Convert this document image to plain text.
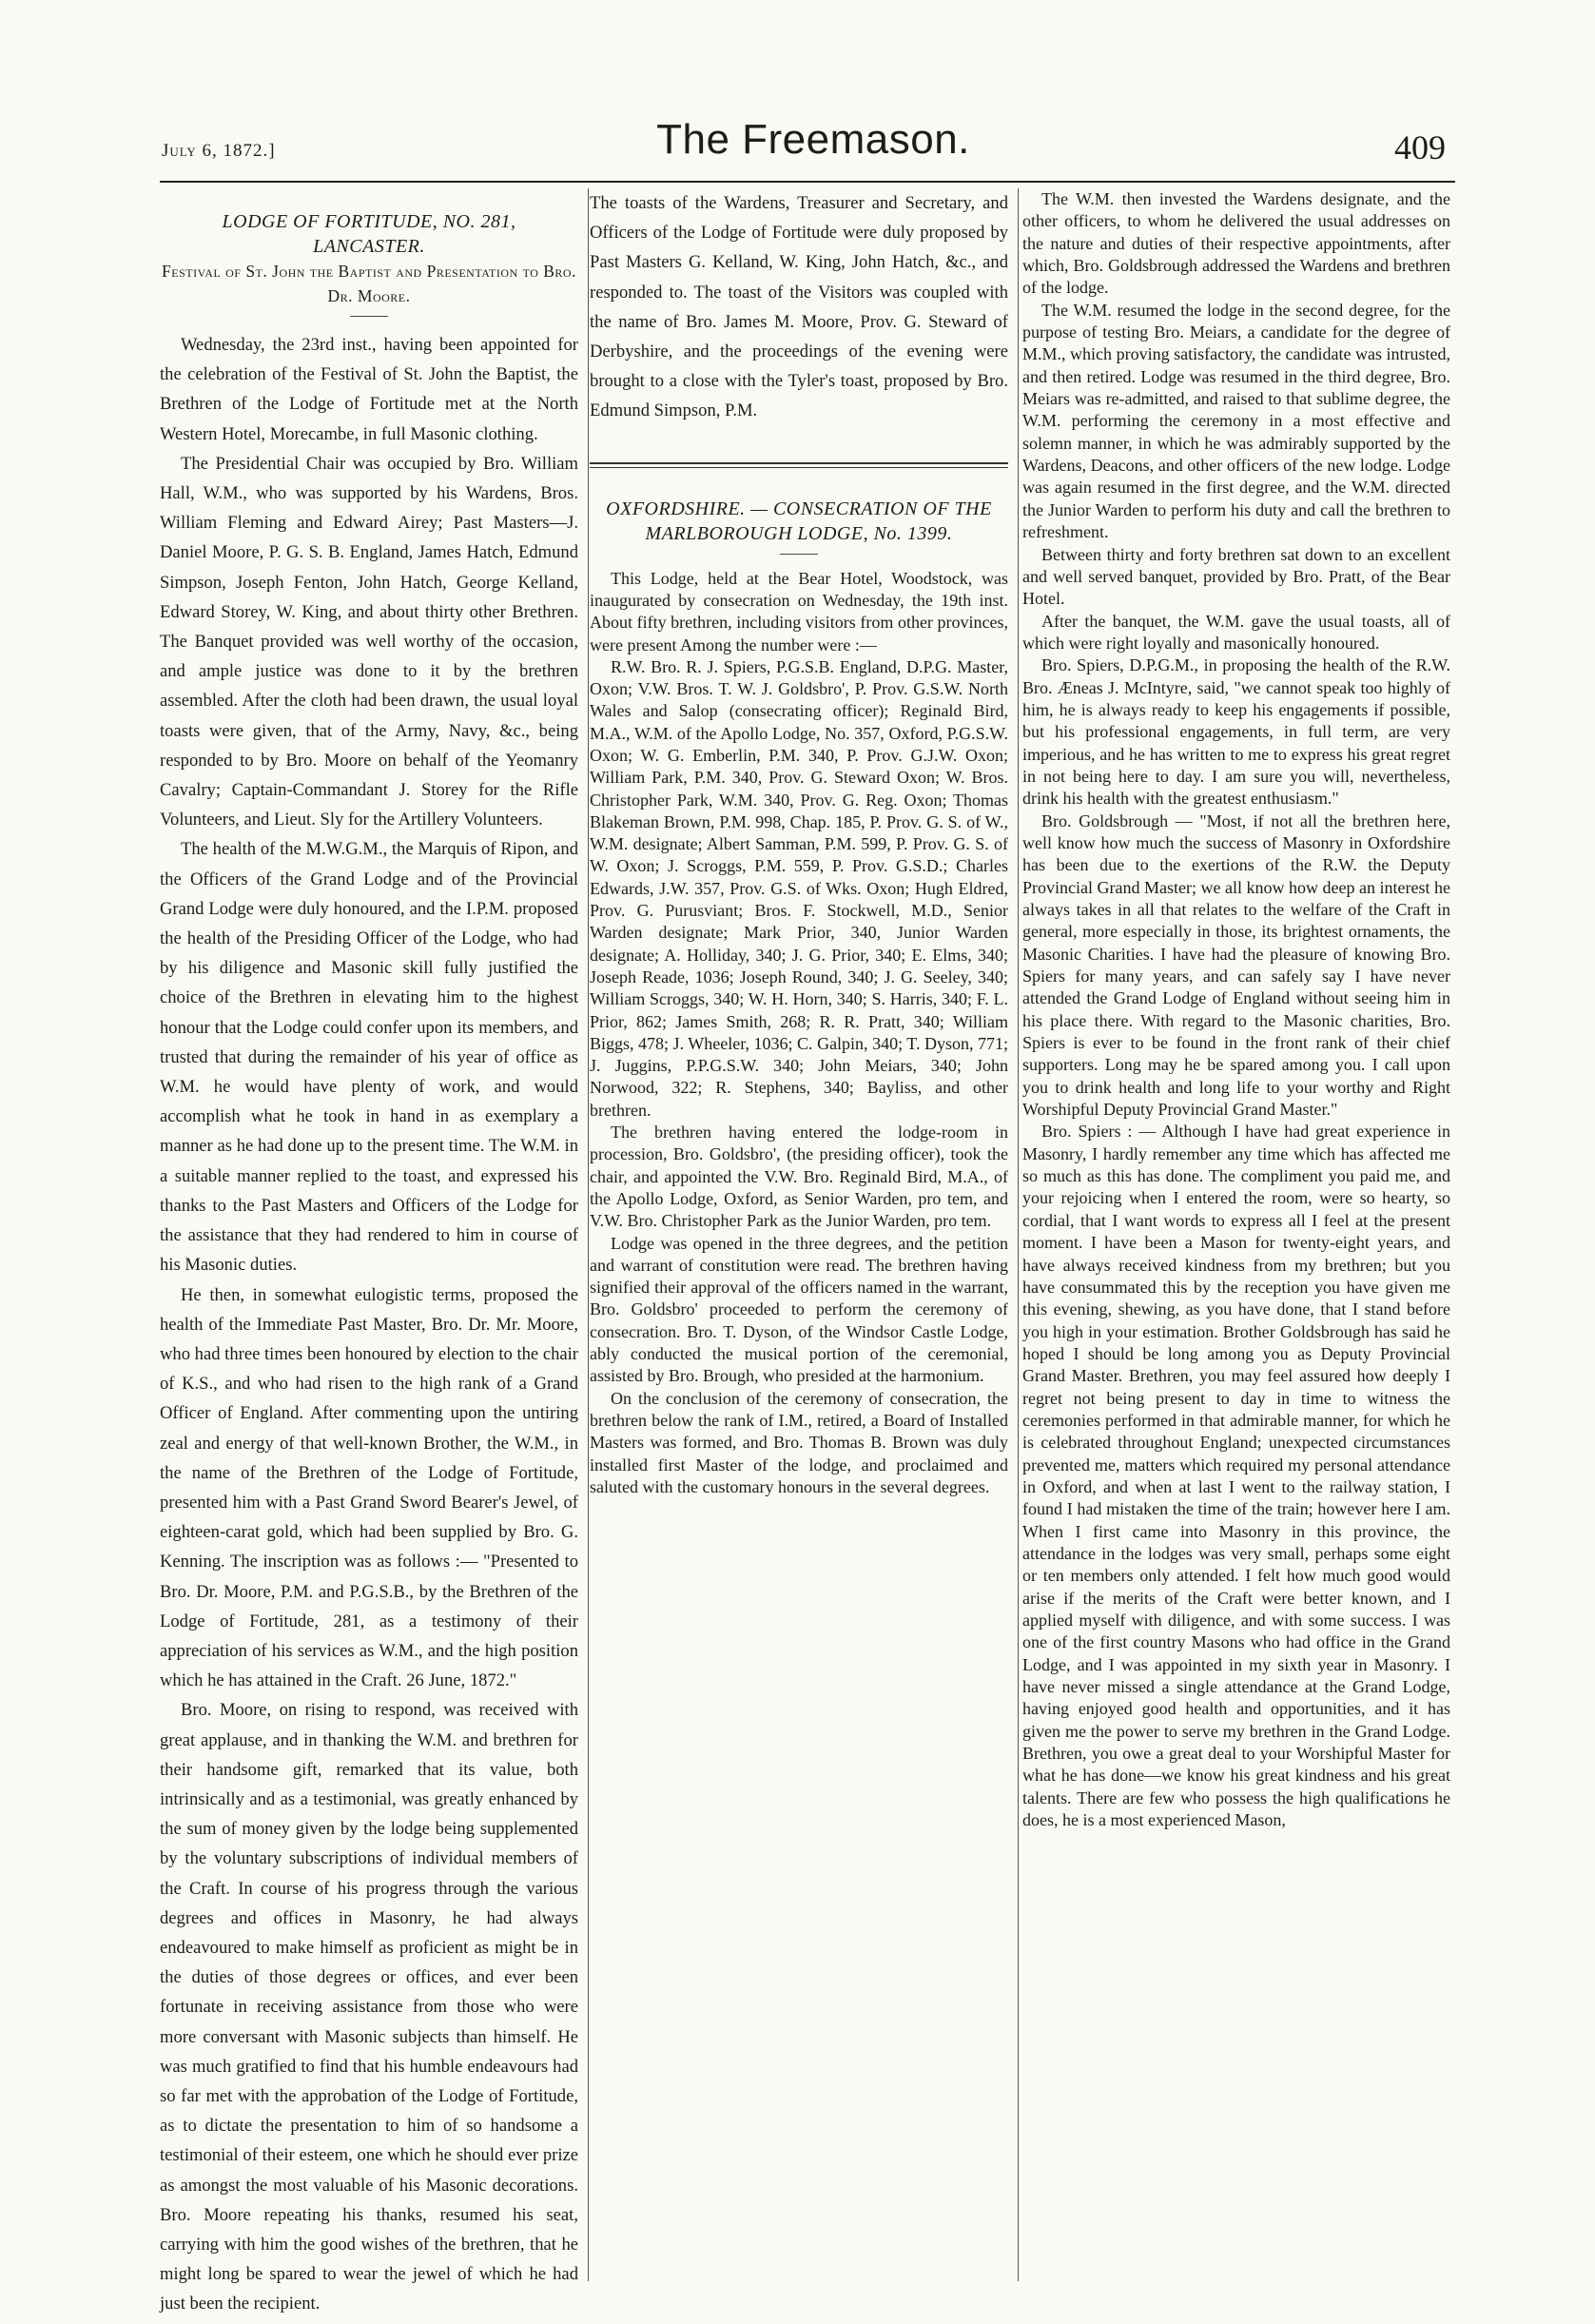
July 6, 1872.]	The Freemason.	409
LODGE OF FORTITUDE, NO. 281, LANCASTER.
Festival of St. John the Baptist and Presentation to Bro. Dr. Moore.

Wednesday, the 23rd inst., having been appointed for the celebration of the Festival of St. John the Baptist, the Brethren of the Lodge of Fortitude met at the North Western Hotel, Morecambe, in full Masonic clothing.

The Presidential Chair was occupied by Bro. William Hall, W.M., who was supported by his Wardens, Bros. William Fleming and Edward Airey; Past Masters—J. Daniel Moore, P. G. S. B. England, James Hatch, Edmund Simpson, Joseph Fenton, John Hatch, George Kelland, Edward Storey, W. King, and about thirty other Brethren. The Banquet provided was well worthy of the occasion, and ample justice was done to it by the brethren assembled. After the cloth had been drawn, the usual loyal toasts were given, that of the Army, Navy, &c., being responded to by Bro. Moore on behalf of the Yeomanry Cavalry; Captain-Commandant J. Storey for the Rifle Volunteers, and Lieut. Sly for the Artillery Volunteers.

The health of the M.W.G.M., the Marquis of Ripon, and the Officers of the Grand Lodge and of the Provincial Grand Lodge were duly honoured, and the I.P.M. proposed the health of the Presiding Officer of the Lodge, who had by his diligence and Masonic skill fully justified the choice of the Brethren in elevating him to the highest honour that the Lodge could confer upon its members, and trusted that during the remainder of his year of office as W.M. he would have plenty of work, and would accomplish what he took in hand in as exemplary a manner as he had done up to the present time. The W.M. in a suitable manner replied to the toast, and expressed his thanks to the Past Masters and Officers of the Lodge for the assistance that they had rendered to him in course of his Masonic duties.

He then, in somewhat eulogistic terms, proposed the health of the Immediate Past Master, Bro. Dr. Mr. Moore, who had three times been honoured by election to the chair of K.S., and who had risen to the high rank of a Grand Officer of England. After commenting upon the untiring zeal and energy of that well-known Brother, the W.M., in the name of the Brethren of the Lodge of Fortitude, presented him with a Past Grand Sword Bearer's Jewel, of eighteen-carat gold, which had been supplied by Bro. G. Kenning. The inscription was as follows :— "Presented to Bro. Dr. Moore, P.M. and P.G.S.B., by the Brethren of the Lodge of Fortitude, 281, as a testimony of their appreciation of his services as W.M., and the high position which he has attained in the Craft. 26 June, 1872."

Bro. Moore, on rising to respond, was received with great applause, and in thanking the W.M. and brethren for their handsome gift, remarked that its value, both intrinsically and as a testimonial, was greatly enhanced by the sum of money given by the lodge being supplemented by the voluntary subscriptions of individual members of the Craft. In course of his progress through the various degrees and offices in Masonry, he had always endeavoured to make himself as proficient as might be in the duties of those degrees or offices, and ever been fortunate in receiving assistance from those who were more conversant with Masonic subjects than himself. He was much gratified to find that his humble endeavours had so far met with the approbation of the Lodge of Fortitude, as to dictate the presentation to him of so handsome a testimonial of their esteem, one which he should ever prize as amongst the most valuable of his Masonic decorations. Bro. Moore repeating his thanks, resumed his seat, carrying with him the good wishes of the brethren, that he might long be spared to wear the jewel of which he had just been the recipient.

The toasts of the Wardens, Treasurer and Secretary, and Officers of the Lodge of Fortitude were duly proposed by Past Masters G. Kelland, W. King, John Hatch, &c., and responded to. The toast of the Visitors was coupled with the name of Bro. James M. Moore, Prov. G. Steward of Derbyshire, and the proceedings of the evening were brought to a close with the Tyler's toast, proposed by Bro. Edmund Simpson, P.M.

OXFORDSHIRE. — CONSECRATION OF THE MARLBOROUGH LODGE, No. 1399.

This Lodge, held at the Bear Hotel, Woodstock, was inaugurated by consecration on Wednesday, the 19th inst. About fifty brethren, including visitors from other provinces, were present Among the number were :—

R.W. Bro. R. J. Spiers, P.G.S.B. England, D.P.G. Master, Oxon; V.W. Bros. T. W. J. Goldsbro', P. Prov. G.S.W. North Wales and Salop (consecrating officer); Reginald Bird, M.A., W.M. of the Apollo Lodge, No. 357, Oxford, P.G.S.W. Oxon; W. G. Emberlin, P.M. 340, P. Prov. G.J.W. Oxon; William Park, P.M. 340, Prov. G. Steward Oxon; W. Bros. Christopher Park, W.M. 340, Prov. G. Reg. Oxon; Thomas Blakeman Brown, P.M. 998, Chap. 185, P. Prov. G. S. of W., W.M. designate; Albert Samman, P.M. 599, P. Prov. G. S. of W. Oxon; J. Scroggs, P.M. 559, P. Prov. G.S.D.; Charles Edwards, J.W. 357, Prov. G.S. of Wks. Oxon; Hugh Eldred, Prov. G. Purusviant; Bros. F. Stockwell, M.D., Senior Warden designate; Mark Prior, 340, Junior Warden designate; A. Holliday, 340; J. G. Prior, 340; E. Elms, 340; Joseph Reade, 1036; Joseph Round, 340; J. G. Seeley, 340; William Scroggs, 340; W. H. Horn, 340; S. Harris, 340; F. L. Prior, 862; James Smith, 268; R. R. Pratt, 340; William Biggs, 478; J. Wheeler, 1036; C. Galpin, 340; T. Dyson, 771; J. Juggins, P.P.G.S.W. 340; John Meiars, 340; John Norwood, 322; R. Stephens, 340; Bayliss, and other brethren.

The brethren having entered the lodge-room in procession, Bro. Goldsbro', (the presiding officer), took the chair, and appointed the V.W. Bro. Reginald Bird, M.A., of the Apollo Lodge, Oxford, as Senior Warden, pro tem, and V.W. Bro. Christopher Park as the Junior Warden, pro tem.

Lodge was opened in the three degrees, and the petition and warrant of constitution were read. The brethren having signified their approval of the officers named in the warrant, Bro. Goldsbro' proceeded to perform the ceremony of consecration. Bro. T. Dyson, of the Windsor Castle Lodge, ably conducted the musical portion of the ceremonial, assisted by Bro. Brough, who presided at the harmonium.

On the conclusion of the ceremony of consecration, the brethren below the rank of I.M., retired, a Board of Installed Masters was formed, and Bro. Thomas B. Brown was duly installed first Master of the lodge, and proclaimed and saluted with the customary honours in the several degrees.

The W.M. then invested the Wardens designate, and the other officers, to whom he delivered the usual addresses on the nature and duties of their respective appointments, after which, Bro. Goldsbrough addressed the Wardens and brethren of the lodge.

The W.M. resumed the lodge in the second degree, for the purpose of testing Bro. Meiars, a candidate for the degree of M.M., which proving satisfactory, the candidate was intrusted, and then retired. Lodge was resumed in the third degree, Bro. Meiars was re-admitted, and raised to that sublime degree, the W.M. performing the ceremony in a most effective and solemn manner, in which he was admirably supported by the Wardens, Deacons, and other officers of the new lodge. Lodge was again resumed in the first degree, and the W.M. directed the Junior Warden to perform his duty and call the brethren to refreshment.

Between thirty and forty brethren sat down to an excellent and well served banquet, provided by Bro. Pratt, of the Bear Hotel.

After the banquet, the W.M. gave the usual toasts, all of which were right loyally and masonically honoured.

Bro. Spiers, D.P.G.M., in proposing the health of the R.W. Bro. Æneas J. McIntyre, said, "we cannot speak too highly of him, he is always ready to keep his engagements if possible, but his professional engagements, in full term, are very imperious, and he has written to me to express his great regret in not being here to day. I am sure you will, nevertheless, drink his health with the greatest enthusiasm."

Bro. Goldsbrough — "Most, if not all the brethren here, well know how much the success of Masonry in Oxfordshire has been due to the exertions of the R.W. the Deputy Provincial Grand Master; we all know how deep an interest he always takes in all that relates to the welfare of the Craft in general, more especially in those, its brightest ornaments, the Masonic Charities. I have had the pleasure of knowing Bro. Spiers for many years, and can safely say I have never attended the Grand Lodge of England without seeing him in his place there. With regard to the Masonic charities, Bro. Spiers is ever to be found in the front rank of their chief supporters. Long may he be spared among you. I call upon you to drink health and long life to your worthy and Right Worshipful Deputy Provincial Grand Master."

Bro. Spiers : — Although I have had great experience in Masonry, I hardly remember any time which has affected me so much as this has done. The compliment you paid me, and your rejoicing when I entered the room, were so hearty, so cordial, that I want words to express all I feel at the present moment. I have been a Mason for twenty-eight years, and have always received kindness from my brethren; but you have consummated this by the reception you have given me this evening, shewing, as you have done, that I stand before you high in your estimation. Brother Goldsbrough has said he hoped I should be long among you as Deputy Provincial Grand Master. Brethren, you may feel assured how deeply I regret not being present to day in time to witness the ceremonies performed in that admirable manner, for which he is celebrated throughout England; unexpected circumstances prevented me, matters which required my personal attendance in Oxford, and when at last I went to the railway station, I found I had mistaken the time of the train; however here I am. When I first came into Masonry in this province, the attendance in the lodges was very small, perhaps some eight or ten members only attended. I felt how much good would arise if the merits of the Craft were better known, and I applied myself with diligence, and with some success. I was one of the first country Masons who had office in the Grand Lodge, and I was appointed in my sixth year in Masonry. I have never missed a single attendance at the Grand Lodge, having enjoyed good health and opportunities, and it has given me the power to serve my brethren in the Grand Lodge. Brethren, you owe a great deal to your Worshipful Master for what he has done—we know his great kindness and his great talents. There are few who possess the high qualifications he does, he is a most experienced Mason,
